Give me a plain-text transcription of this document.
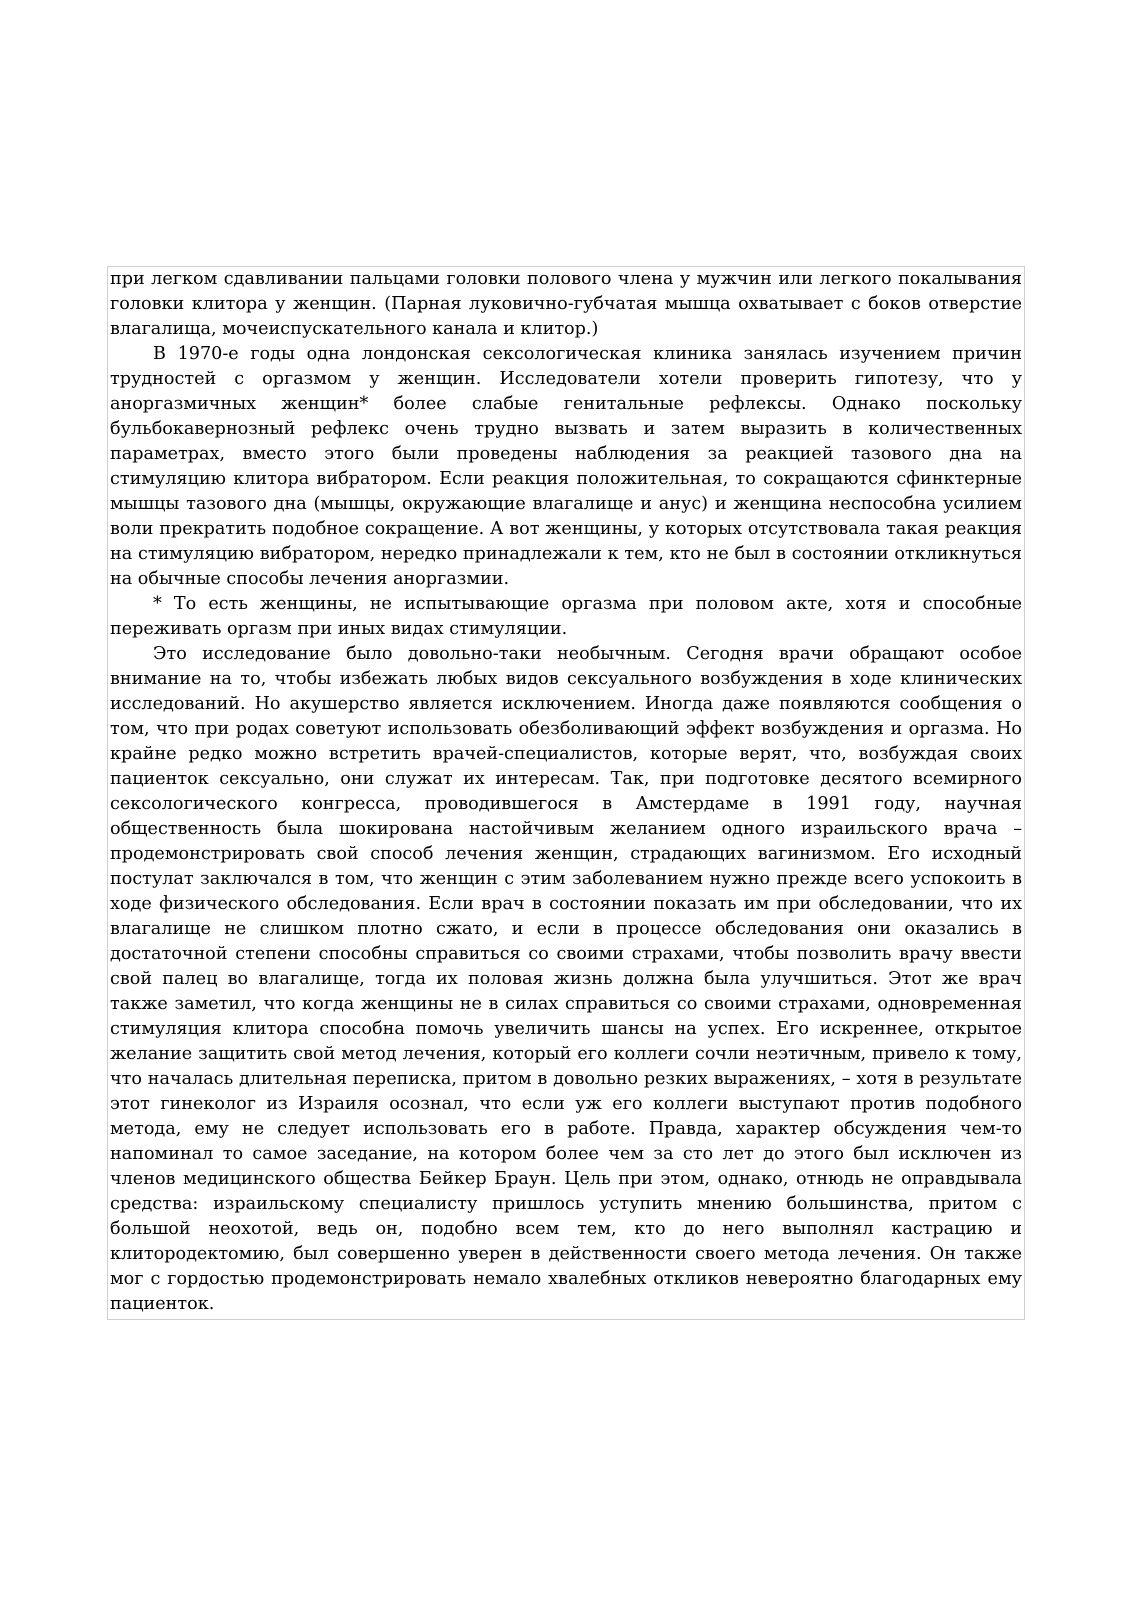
при легком сдавливании пальцами головки полового члена у мужчин или легкого покалывания головки клитора у женщин. (Парная луковично-губчатая мышца охватывает с боков отверстие влагалища, мочеиспускательного канала и клитор.)

В 1970-е годы одна лондонская сексологическая клиника занялась изучением причин трудностей с оргазмом у женщин. Исследователи хотели проверить гипотезу, что у аноргазмичных женщин* более слабые генитальные рефлексы. Однако поскольку бульбокавернозный рефлекс очень трудно вызвать и затем выразить в количественных параметрах, вместо этого были проведены наблюдения за реакцией тазового дна на стимуляцию клитора вибратором. Если реакция положительная, то сокращаются сфинктерные мышцы тазового дна (мышцы, окружающие влагалище и анус) и женщина неспособна усилием воли прекратить подобное сокращение. А вот женщины, у которых отсутствовала такая реакция на стимуляцию вибратором, нередко принадлежали к тем, кто не был в состоянии откликнуться на обычные способы лечения аноргазмии.

* То есть женщины, не испытывающие оргазма при половом акте, хотя и способные переживать оргазм при иных видах стимуляции.

Это исследование было довольно-таки необычным. Сегодня врачи обращают особое внимание на то, чтобы избежать любых видов сексуального возбуждения в ходе клинических исследований. Но акушерство является исключением. Иногда даже появляются сообщения о том, что при родах советуют использовать обезболивающий эффект возбуждения и оргазма. Но крайне редко можно встретить врачей-специалистов, которые верят, что, возбуждая своих пациенток сексуально, они служат их интересам. Так, при подготовке десятого всемирного сексологического конгресса, проводившегося в Амстердаме в 1991 году, научная общественность была шокирована настойчивым желанием одного израильского врача – продемонстрировать свой способ лечения женщин, страдающих вагинизмом. Его исходный постулат заключался в том, что женщин с этим заболеванием нужно прежде всего успокоить в ходе физического обследования. Если врач в состоянии показать им при обследовании, что их влагалище не слишком плотно сжато, и если в процессе обследования они оказались в достаточной степени способны справиться со своими страхами, чтобы позволить врачу ввести свой палец во влагалище, тогда их половая жизнь должна была улучшиться. Этот же врач также заметил, что когда женщины не в силах справиться со своими страхами, одновременная стимуляция клитора способна помочь увеличить шансы на успех. Его искреннее, открытое желание защитить свой метод лечения, который его коллеги сочли неэтичным, привело к тому, что началась длительная переписка, притом в довольно резких выражениях, – хотя в результате этот гинеколог из Израиля осознал, что если уж его коллеги выступают против подобного метода, ему не следует использовать его в работе. Правда, характер обсуждения чем-то напоминал то самое заседание, на котором более чем за сто лет до этого был исключен из членов медицинского общества Бейкер Браун. Цель при этом, однако, отнюдь не оправдывала средства: израильскому специалисту пришлось уступить мнению большинства, притом с большой неохотой, ведь он, подобно всем тем, кто до него выполнял кастрацию и клитородектомию, был совершенно уверен в действенности своего метода лечения. Он также мог с гордостью продемонстрировать немало хвалебных откликов невероятно благодарных ему пациенток.
